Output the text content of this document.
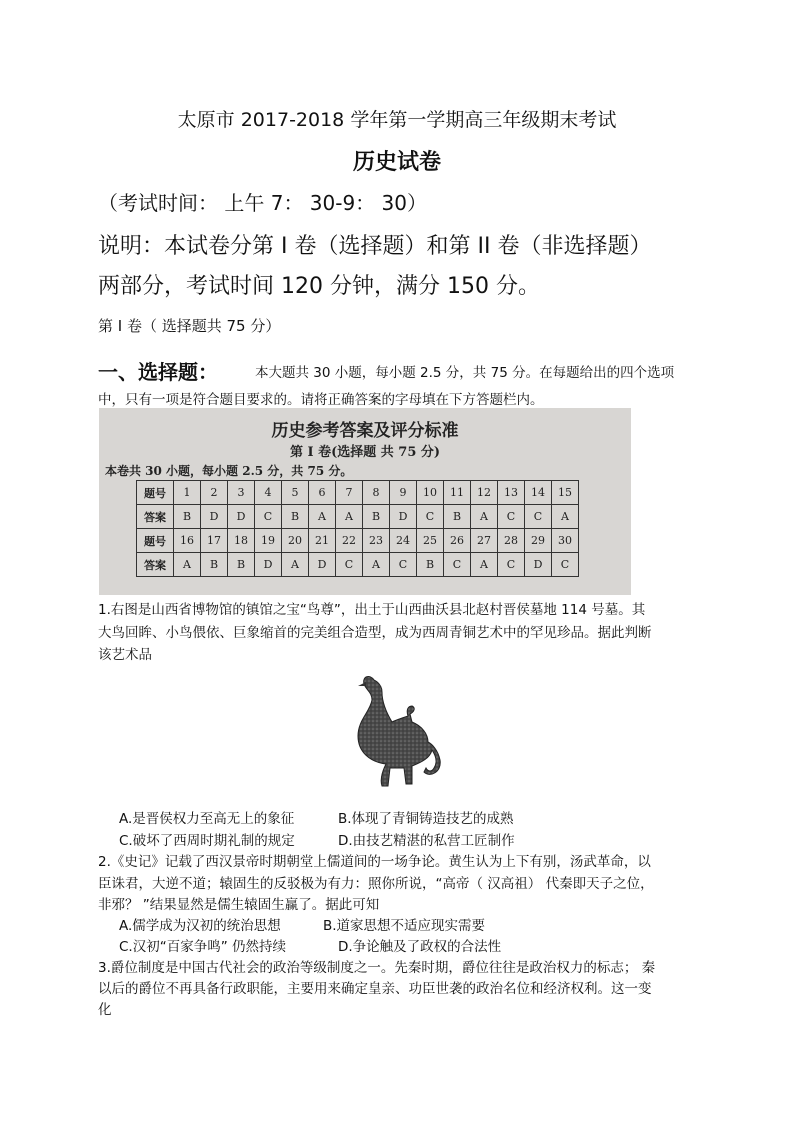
太原市 2017-2018 学年第一学期高三年级期末考试
历史试卷
（考试时间： 上午 7： 30-9： 30）
说明：本试卷分第 I 卷（选择题）和第 II 卷（非选择题）
两部分，考试时间 120 分钟，满分 150 分。
第 I 卷（ 选择题共 75 分）
一、选择题：	本大题共 30 小题，每小题 2.5 分，共 75 分。在每题给出的四个选项
中，只有一项是符合题目要求的。请将正确答案的字母填在下方答题栏内。
历史参考答案及评分标准
第 I 卷(选择题 共 75 分)
本卷共 30 小题，每小题 2.5 分，共 75 分。
题号	1	2	3	4	5	6	7	8	9	10	11	12	13	14	15
答案	B	D	D	C	B	A	A	B	D	C	B	A	C	C	A
题号	16	17	18	19	20	21	22	23	24	25	26	27	28	29	30
答案	A	B	B	D	A	D	C	A	C	B	C	A	C	D	C
1.右图是山西省博物馆的镇馆之宝“鸟尊”，出土于山西曲沃县北赵村晋侯墓地 114 号墓。其
大鸟回眸、小鸟偎依、巨象缩首的完美组合造型，成为西周青铜艺术中的罕见珍品。据此判断
该艺术品
A.是晋侯权力至高无上的象征	B.体现了青铜铸造技艺的成熟
C.破坏了西周时期礼制的规定	D.由技艺精湛的私营工匠制作
2.《史记》记载了西汉景帝时期朝堂上儒道间的一场争论。黄生认为上下有别，汤武革命，以
臣诛君，大逆不道；辕固生的反驳极为有力：照你所说，“高帝（ 汉高祖） 代秦即天子之位，
非邪？ ”结果显然是儒生辕固生赢了。据此可知
A.儒学成为汉初的统治思想	B.道家思想不适应现实需要
C.汉初“百家争鸣” 仍然持续	D.争论触及了政权的合法性
3.爵位制度是中国古代社会的政治等级制度之一。先秦时期，爵位往往是政治权力的标志； 秦
以后的爵位不再具备行政职能，主要用来确定皇亲、功臣世袭的政治名位和经济权利。这一变
化
